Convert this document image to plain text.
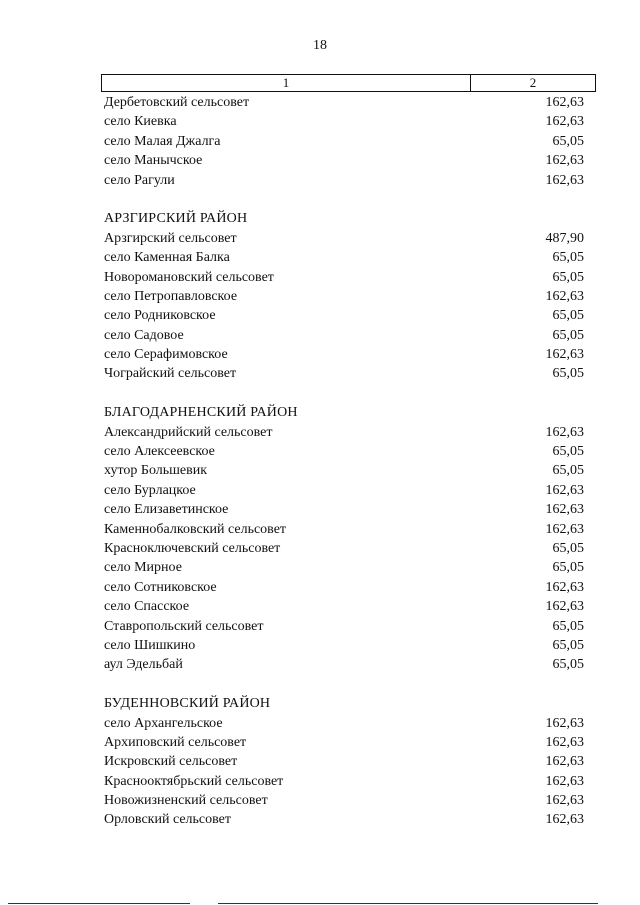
18
1	2
Дербетовский сельсовет	162,63
село Киевка	162,63
село Малая Джалга	65,05
село Манычское	162,63
село Рагули	162,63
АРЗГИРСКИЙ РАЙОН
Арзгирский сельсовет	487,90
село Каменная Балка	65,05
Новоромановский сельсовет	65,05
село Петропавловское	162,63
село Родниковское	65,05
село Садовое	65,05
село Серафимовское	162,63
Чограйский сельсовет	65,05
БЛАГОДАРНЕНСКИЙ РАЙОН
Александрийский сельсовет	162,63
село Алексеевское	65,05
хутор Большевик	65,05
село Бурлацкое	162,63
село Елизаветинское	162,63
Каменнобалковский сельсовет	162,63
Красноключевский сельсовет	65,05
село Мирное	65,05
село Сотниковское	162,63
село Спасское	162,63
Ставропольский сельсовет	65,05
село Шишкино	65,05
аул Эдельбай	65,05
БУДЕННОВСКИЙ РАЙОН
село Архангельское	162,63
Архиповский сельсовет	162,63
Искровский сельсовет	162,63
Краснооктябрьский сельсовет	162,63
Новожизненский сельсовет	162,63
Орловский сельсовет	162,63
